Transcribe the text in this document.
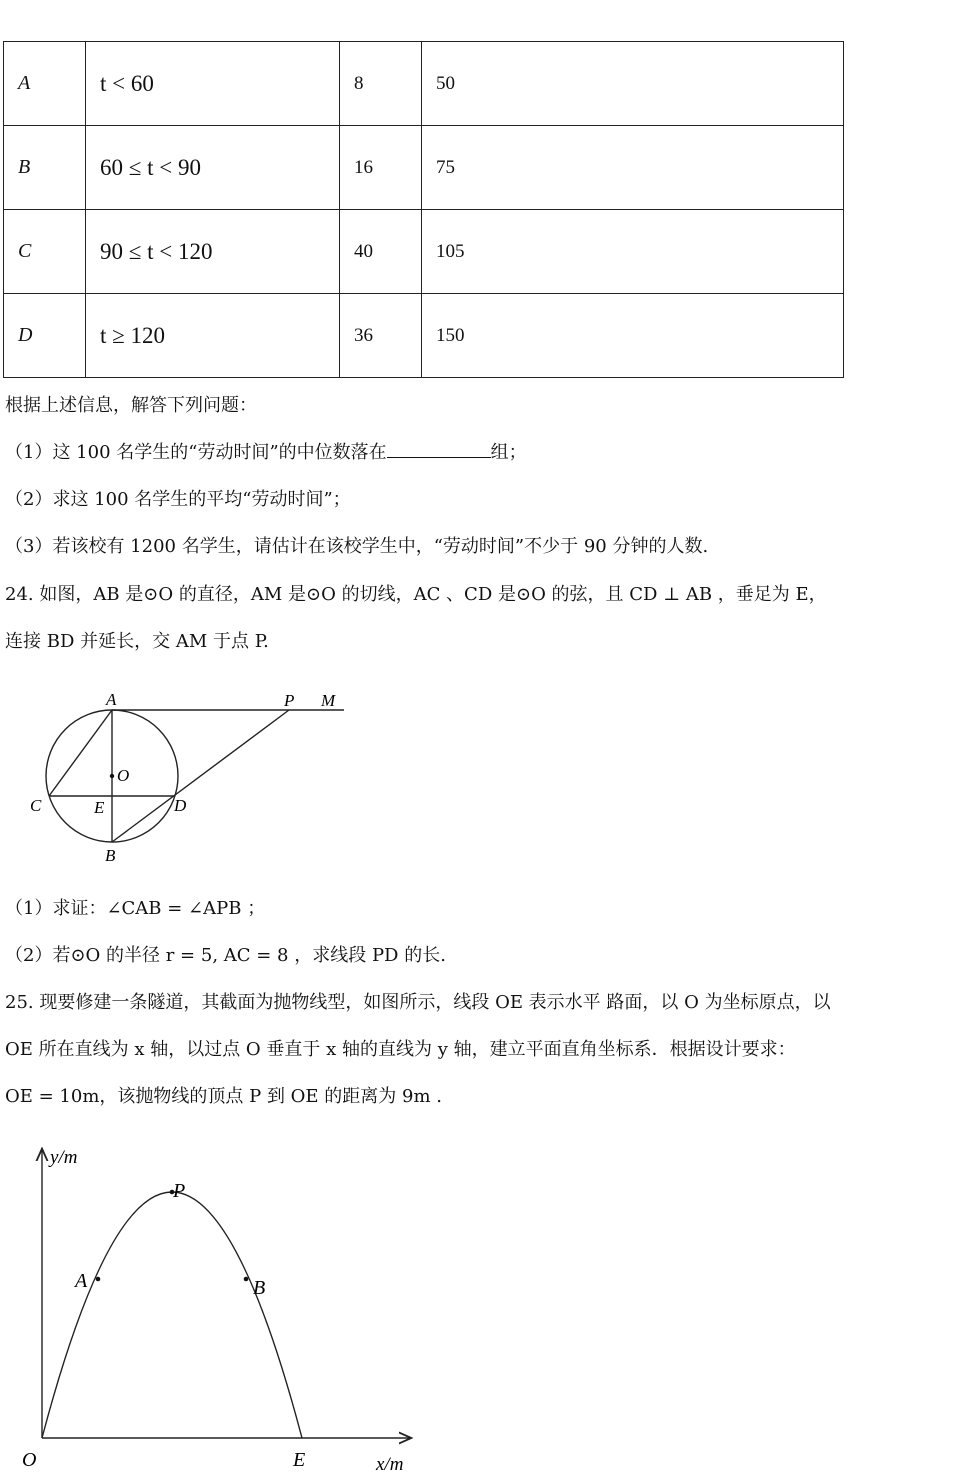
A	t < 60	8	50
B	60 ≤ t < 90	16	75
C	90 ≤ t < 120	40	105
D	t ≥ 120	36	150
根据上述信息，解答下列问题：
（1）这 100 名学生的“劳动时间”的中位数落在	组；
（2）求这 100 名学生的平均“劳动时间”；
（3）若该校有 1200 名学生，请估计在该校学生中，“劳动时间”不少于 90 分钟的人数.
24. 如图，AB 是⊙O 的直径，AM 是⊙O 的切线，AC 、CD 是⊙O 的弦，且 CD ⊥ AB ，垂足为 E，
连接 BD 并延长，交 AM 于点 P.
A	P M
O
C	E	D
B
（1）求证：∠CAB = ∠APB ；
（2）若⊙O 的半径 r = 5, AC = 8 ，求线段 PD 的长.
25. 现要修建一条隧道，其截面为抛物线型，如图所示，线段 OE 表示水平 路面，以 O 为坐标原点，以
OE 所在直线为 x 轴，以过点 O 垂直于 x 轴的直线为 y 轴，建立平面直角坐标系．根据设计要求：
OE = 10m，该抛物线的顶点 P 到 OE 的距离为 9m .
y/m
x/m
P
A	B
O	E
